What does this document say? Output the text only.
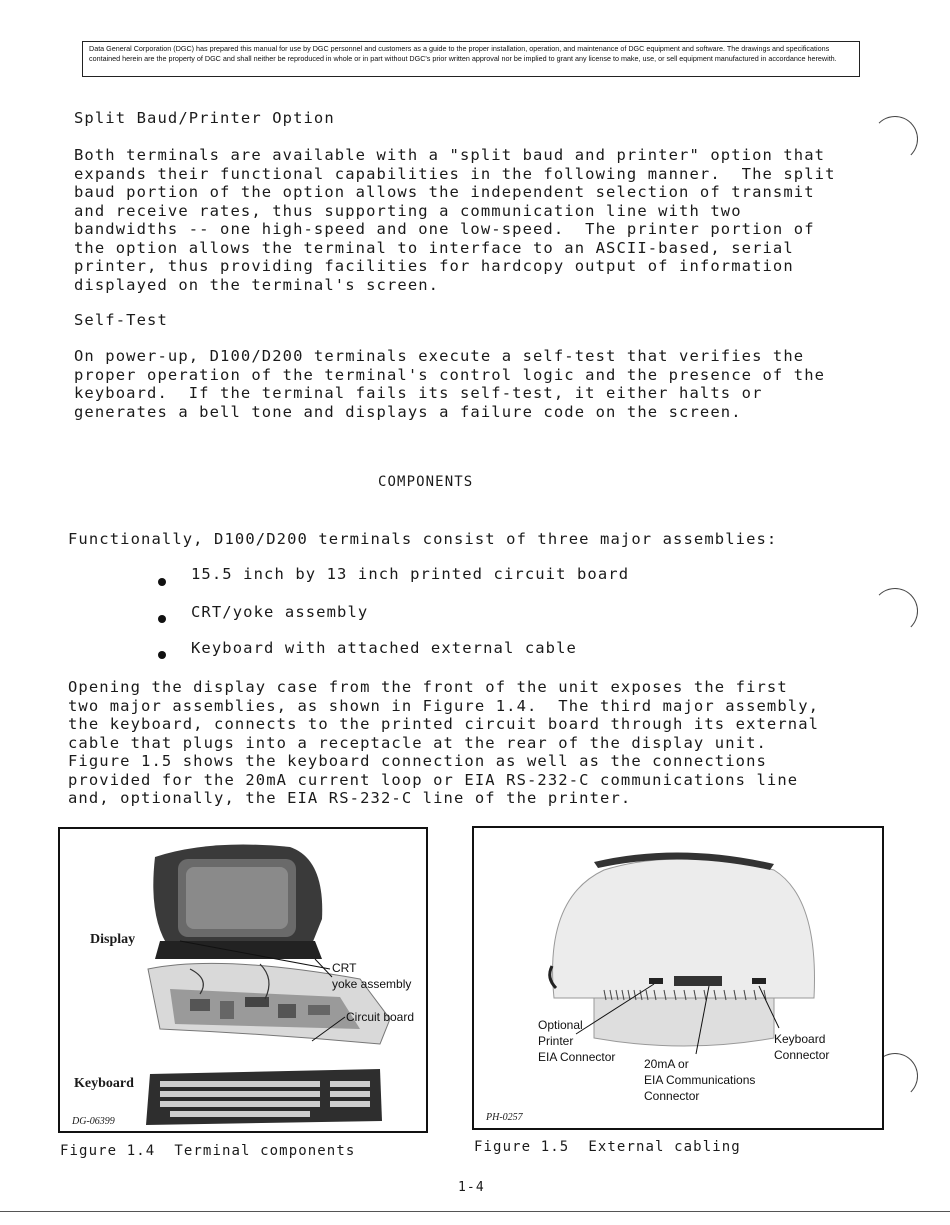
Data General Corporation (DGC) has prepared this manual for use by DGC personnel and customers as a guide to the proper installation, operation, and maintenance of DGC equipment and software. The drawings and specifications contained herein are the property of DGC and shall neither be reproduced in whole or in part without DGC's prior written approval nor be implied to grant any license to make, use, or sell equipment manufactured in accordance herewith.
Split Baud/Printer Option
Both terminals are available with a "split baud and printer" option that
expands their functional capabilities in the following manner.  The split
baud portion of the option allows the independent selection of transmit
and receive rates, thus supporting a communication line with two
bandwidths -- one high-speed and one low-speed.  The printer portion of
the option allows the terminal to interface to an ASCII-based, serial
printer, thus providing facilities for hardcopy output of information
displayed on the terminal's screen.
Self-Test
On power-up, D100/D200 terminals execute a self-test that verifies the
proper operation of the terminal's control logic and the presence of the
keyboard.  If the terminal fails its self-test, it either halts or
generates a bell tone and displays a failure code on the screen.
COMPONENTS
Functionally, D100/D200 terminals consist of three major assemblies:
15.5 inch by 13 inch printed circuit board
CRT/yoke assembly
Keyboard with attached external cable
Opening the display case from the front of the unit exposes the first
two major assemblies, as shown in Figure 1.4.  The third major assembly,
the keyboard, connects to the printed circuit board through its external
cable that plugs into a receptacle at the rear of the display unit.
Figure 1.5 shows the keyboard connection as well as the connections
provided for the 20mA current loop or EIA RS-232-C communications line
and, optionally, the EIA RS-232-C line of the printer.
Display
CRT
yoke assembly
Circuit board
Keyboard
DG-06399
Figure 1.4  Terminal components
Optional
Printer
EIA Connector
Keyboard
Connector
20mA or
EIA Communications
Connector
PH-0257
Figure 1.5  External cabling
1-4
